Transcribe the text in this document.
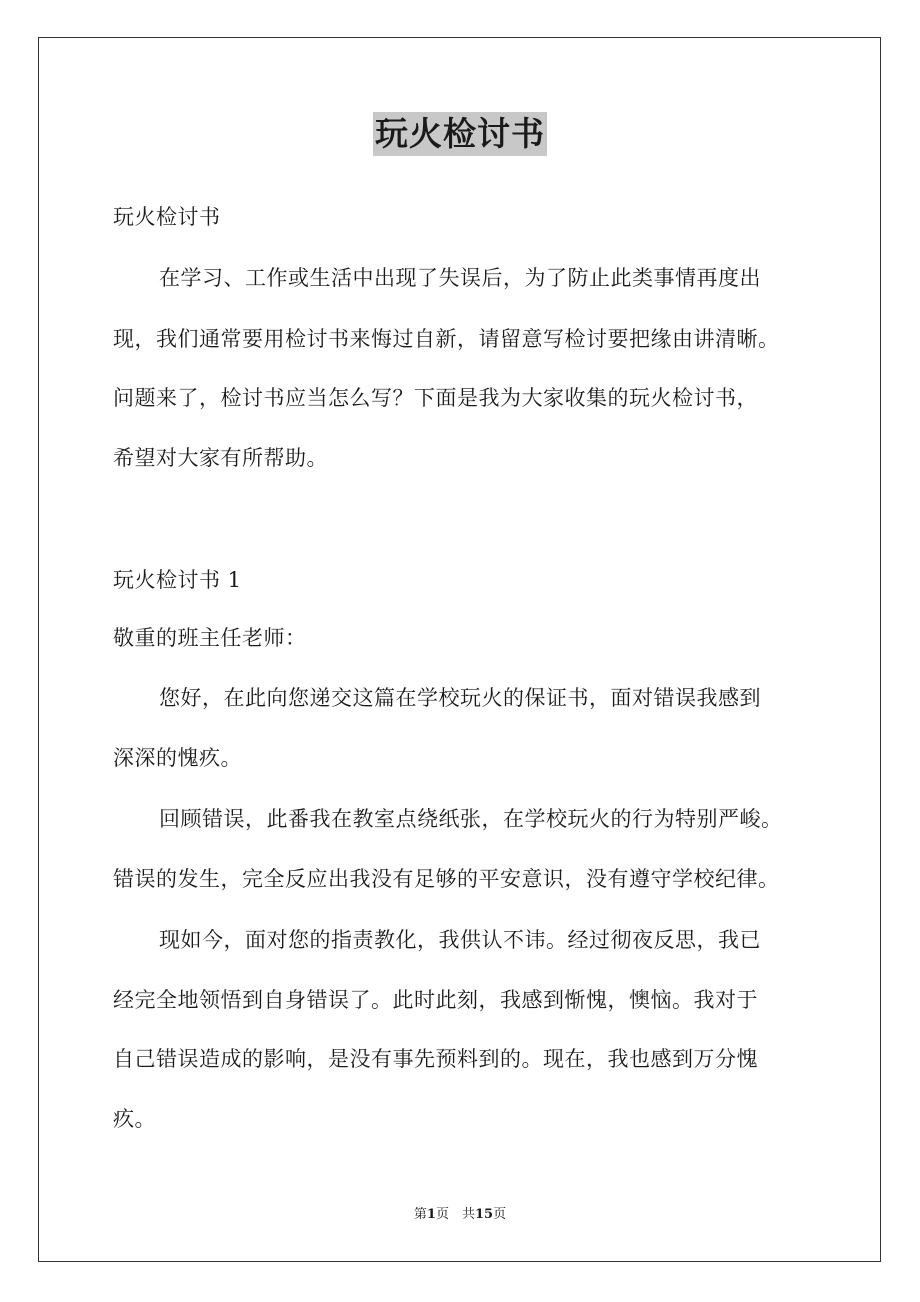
玩火检讨书

玩火检讨书

在学习、工作或生活中出现了失误后，为了防止此类事情再度出

现，我们通常要用检讨书来悔过自新，请留意写检讨要把缘由讲清晰。

问题来了，检讨书应当怎么写？下面是我为大家收集的玩火检讨书，

希望对大家有所帮助。

玩火检讨书 1

敬重的班主任老师：

您好，在此向您递交这篇在学校玩火的保证书，面对错误我感到

深深的愧疚。

回顾错误，此番我在教室点绕纸张，在学校玩火的行为特别严峻。

错误的发生，完全反应出我没有足够的平安意识，没有遵守学校纪律。

现如今，面对您的指责教化，我供认不讳。经过彻夜反思，我已

经完全地领悟到自身错误了。此时此刻，我感到惭愧，懊恼。我对于

自己错误造成的影响，是没有事先预料到的。现在，我也感到万分愧

疚。

第1页　共15页
